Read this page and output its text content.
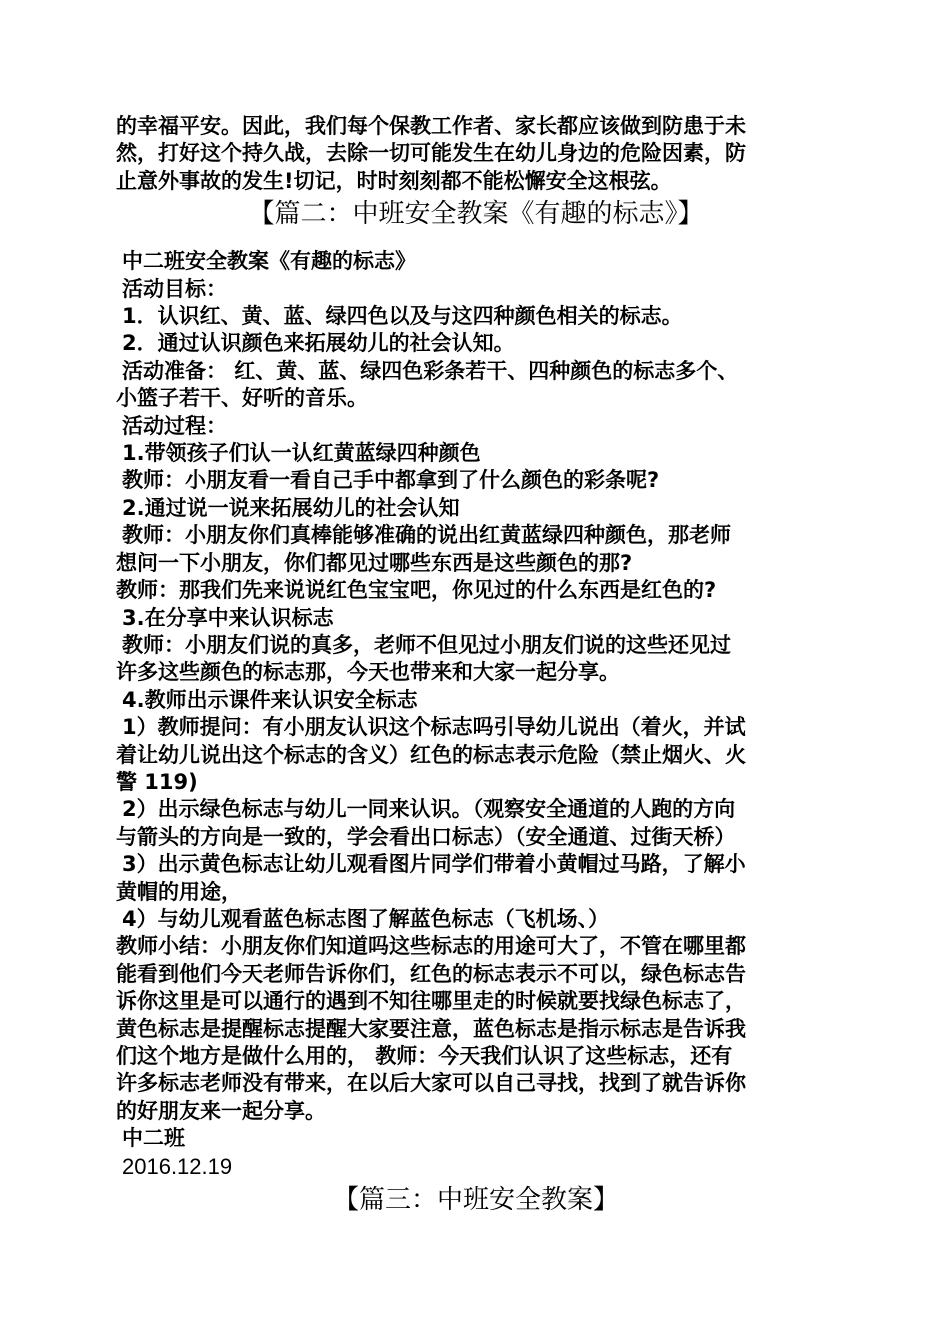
的幸福平安。因此，我们每个保教工作者、家长都应该做到防患于未
然，打好这个持久战，去除一切可能发生在幼儿身边的危险因素，防
止意外事故的发生!切记，时时刻刻都不能松懈安全这根弦。
【篇二：中班安全教案《有趣的标志》】
中二班安全教案《有趣的标志》
活动目标：
1．认识红、黄、蓝、绿四色以及与这四种颜色相关的标志。
2．通过认识颜色来拓展幼儿的社会认知。
活动准备： 红、黄、蓝、绿四色彩条若干、四种颜色的标志多个、
小篮子若干、好听的音乐。
活动过程：
1.带领孩子们认一认红黄蓝绿四种颜色
教师：小朋友看一看自己手中都拿到了什么颜色的彩条呢?
2.通过说一说来拓展幼儿的社会认知
教师：小朋友你们真棒能够准确的说出红黄蓝绿四种颜色，那老师
想问一下小朋友，你们都见过哪些东西是这些颜色的那?
教师：那我们先来说说红色宝宝吧，你见过的什么东西是红色的?
3.在分享中来认识标志
教师：小朋友们说的真多，老师不但见过小朋友们说的这些还见过
许多这些颜色的标志那，今天也带来和大家一起分享。
4.教师出示课件来认识安全标志
1）教师提问：有小朋友认识这个标志吗引导幼儿说出（着火，并试
着让幼儿说出这个标志的含义）红色的标志表示危险（禁止烟火、火
警 119)
2）出示绿色标志与幼儿一同来认识。（观察安全通道的人跑的方向
与箭头的方向是一致的，学会看出口标志）（安全通道、过街天桥）
3）出示黄色标志让幼儿观看图片同学们带着小黄帽过马路，了解小
黄帽的用途，
4）与幼儿观看蓝色标志图了解蓝色标志（飞机场、）
教师小结：小朋友你们知道吗这些标志的用途可大了，不管在哪里都
能看到他们今天老师告诉你们，红色的标志表示不可以，绿色标志告
诉你这里是可以通行的遇到不知往哪里走的时候就要找绿色标志了，
黄色标志是提醒标志提醒大家要注意，蓝色标志是指示标志是告诉我
们这个地方是做什么用的， 教师：今天我们认识了这些标志，还有
许多标志老师没有带来，在以后大家可以自己寻找，找到了就告诉你
的好朋友来一起分享。
中二班
2016.12.19
【篇三：中班安全教案】
